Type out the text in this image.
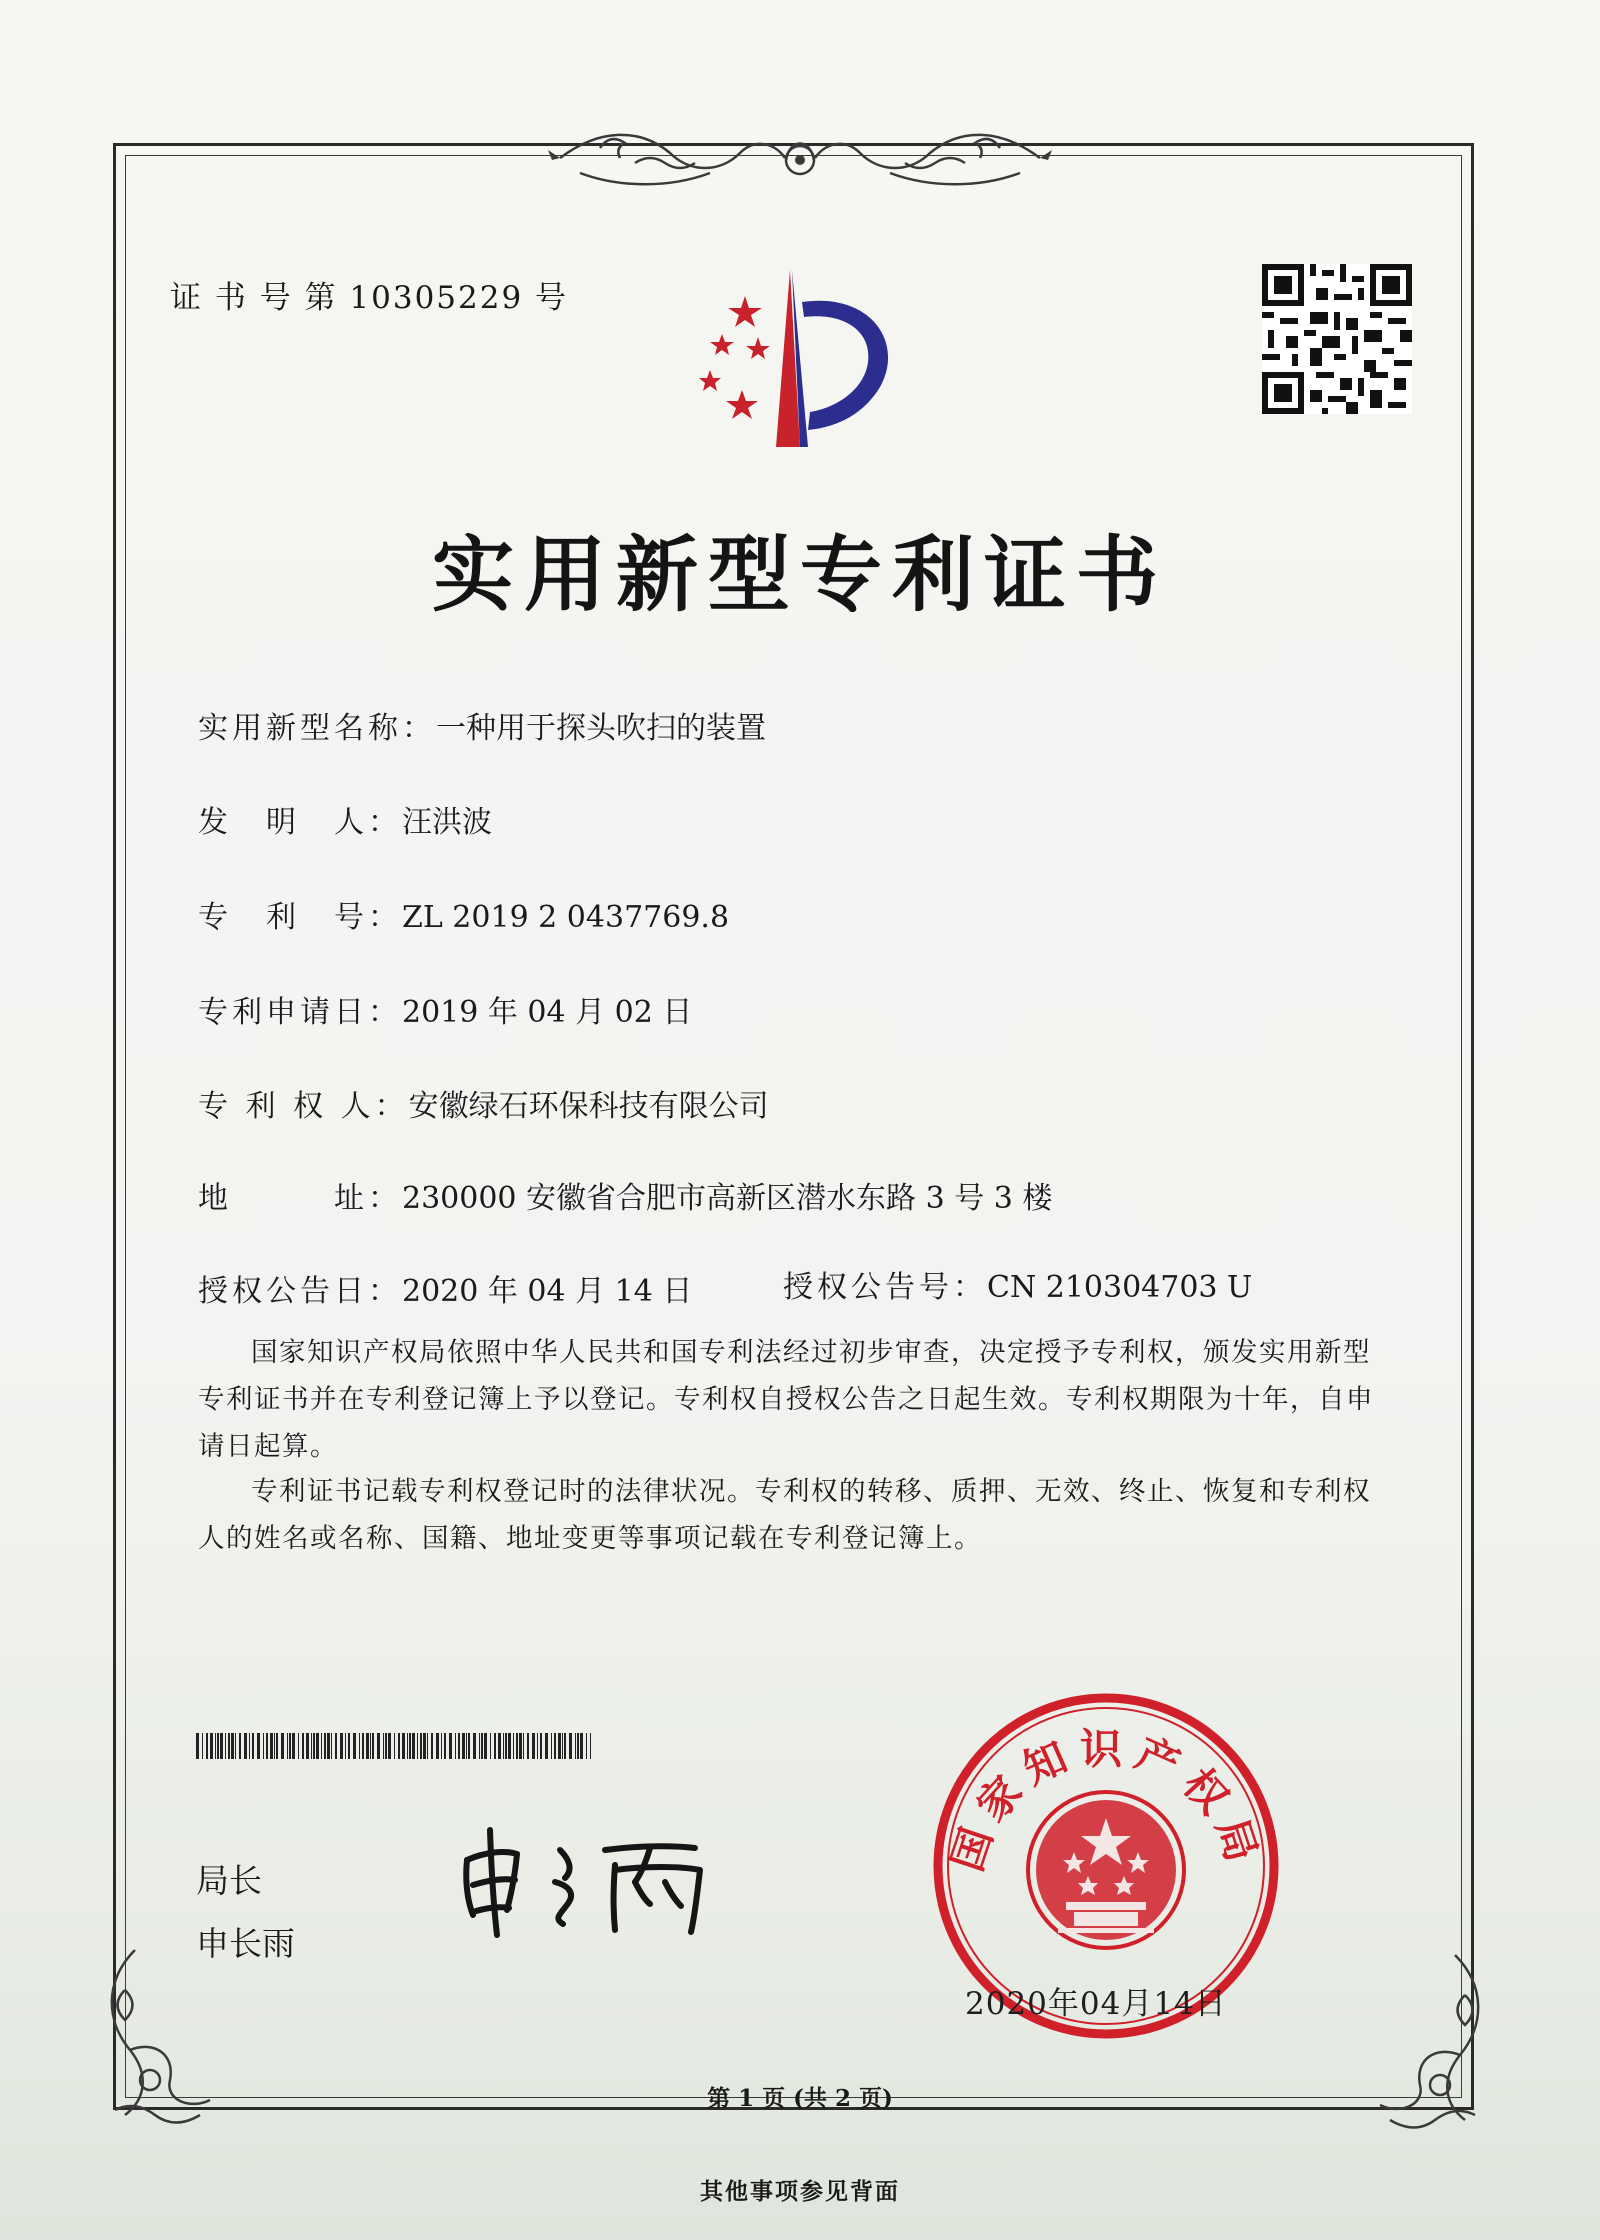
证 书 号 第 10305229 号
实用新型专利证书
实用新型名称：一种用于探头吹扫的装置
发　明　人：汪洪波
专　利　号：ZL 2019 2 0437769.8
专利申请日：2019 年 04 月 02 日
专 利 权 人：安徽绿石环保科技有限公司
地　　　址：230000 安徽省合肥市高新区潜水东路 3 号 3 楼
授权公告日：2020 年 04 月 14 日	授权公告号：CN 210304703 U
国家知识产权局依照中华人民共和国专利法经过初步审查，决定授予专利权，颁发实用新型专利证书并在专利登记簿上予以登记。专利权自授权公告之日起生效。专利权期限为十年，自申请日起算。
专利证书记载专利权登记时的法律状况。专利权的转移、质押、无效、终止、恢复和专利权人的姓名或名称、国籍、地址变更等事项记载在专利登记簿上。
局长
申长雨
国家知识产权局
2020年04月14日
第 1 页 (共 2 页)
其他事项参见背面
